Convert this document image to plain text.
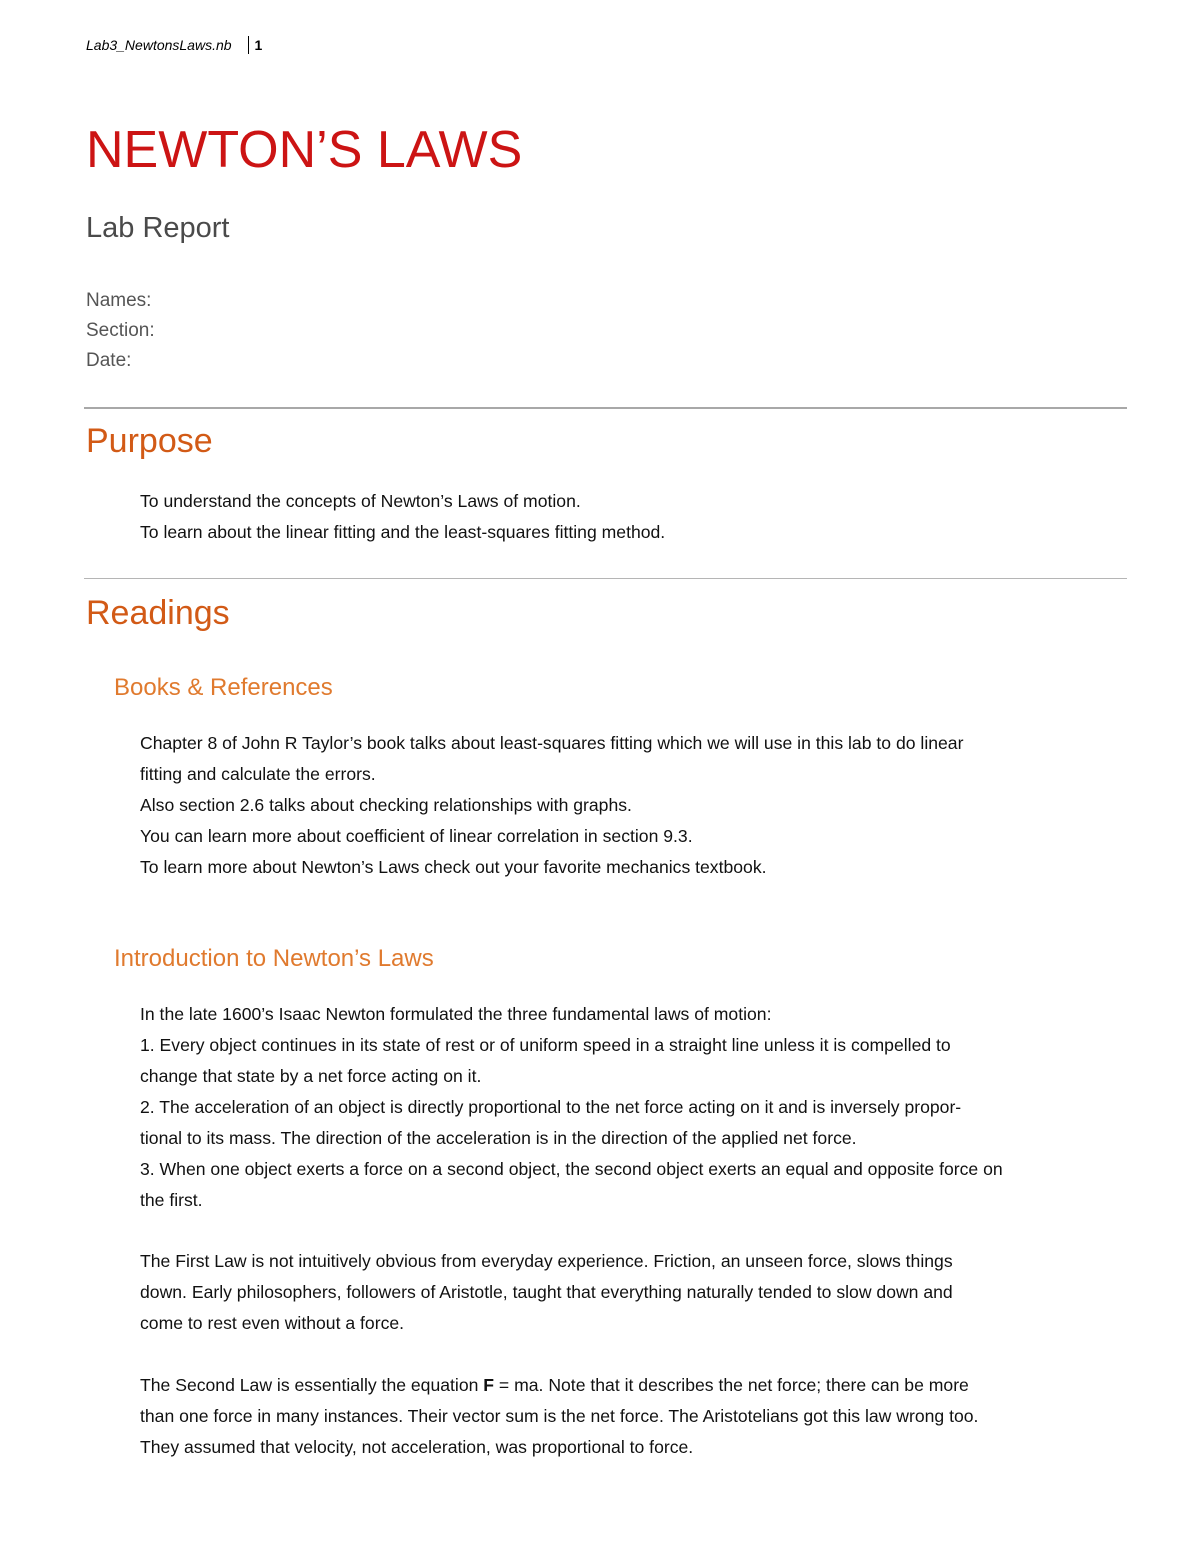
Lab3_NewtonsLaws.nb 1
NEWTON’S LAWS
Lab Report
Names:
Section:
Date:
Purpose
To understand the concepts of Newton’s Laws of motion.
To learn about the linear fitting and the least-squares fitting method.
Readings
Books & References
Chapter 8 of John R Taylor’s book talks about least-squares fitting which we will use in this lab to do linear
fitting and calculate the errors.
Also section 2.6 talks about checking relationships with graphs.
You can learn more about coefficient of linear correlation in section 9.3.
To learn more about Newton’s Laws check out your favorite mechanics textbook.
Introduction to Newton’s Laws
In the late 1600’s Isaac Newton formulated the three fundamental laws of motion:
1. Every object continues in its state of rest or of uniform speed in a straight line unless it is compelled to
change that state by a net force acting on it.
2. The acceleration of an object is directly proportional to the net force acting on it and is inversely propor-
tional to its mass. The direction of the acceleration is in the direction of the applied net force.
3. When one object exerts a force on a second object, the second object exerts an equal and opposite force on
the first.
The First Law is not intuitively obvious from everyday experience. Friction, an unseen force, slows things
down. Early philosophers, followers of Aristotle, taught that everything naturally tended to slow down and
come to rest even without a force.
The Second Law is essentially the equation F = ma. Note that it describes the net force; there can be more
than one force in many instances. Their vector sum is the net force. The Aristotelians got this law wrong too.
They assumed that velocity, not acceleration, was proportional to force.
